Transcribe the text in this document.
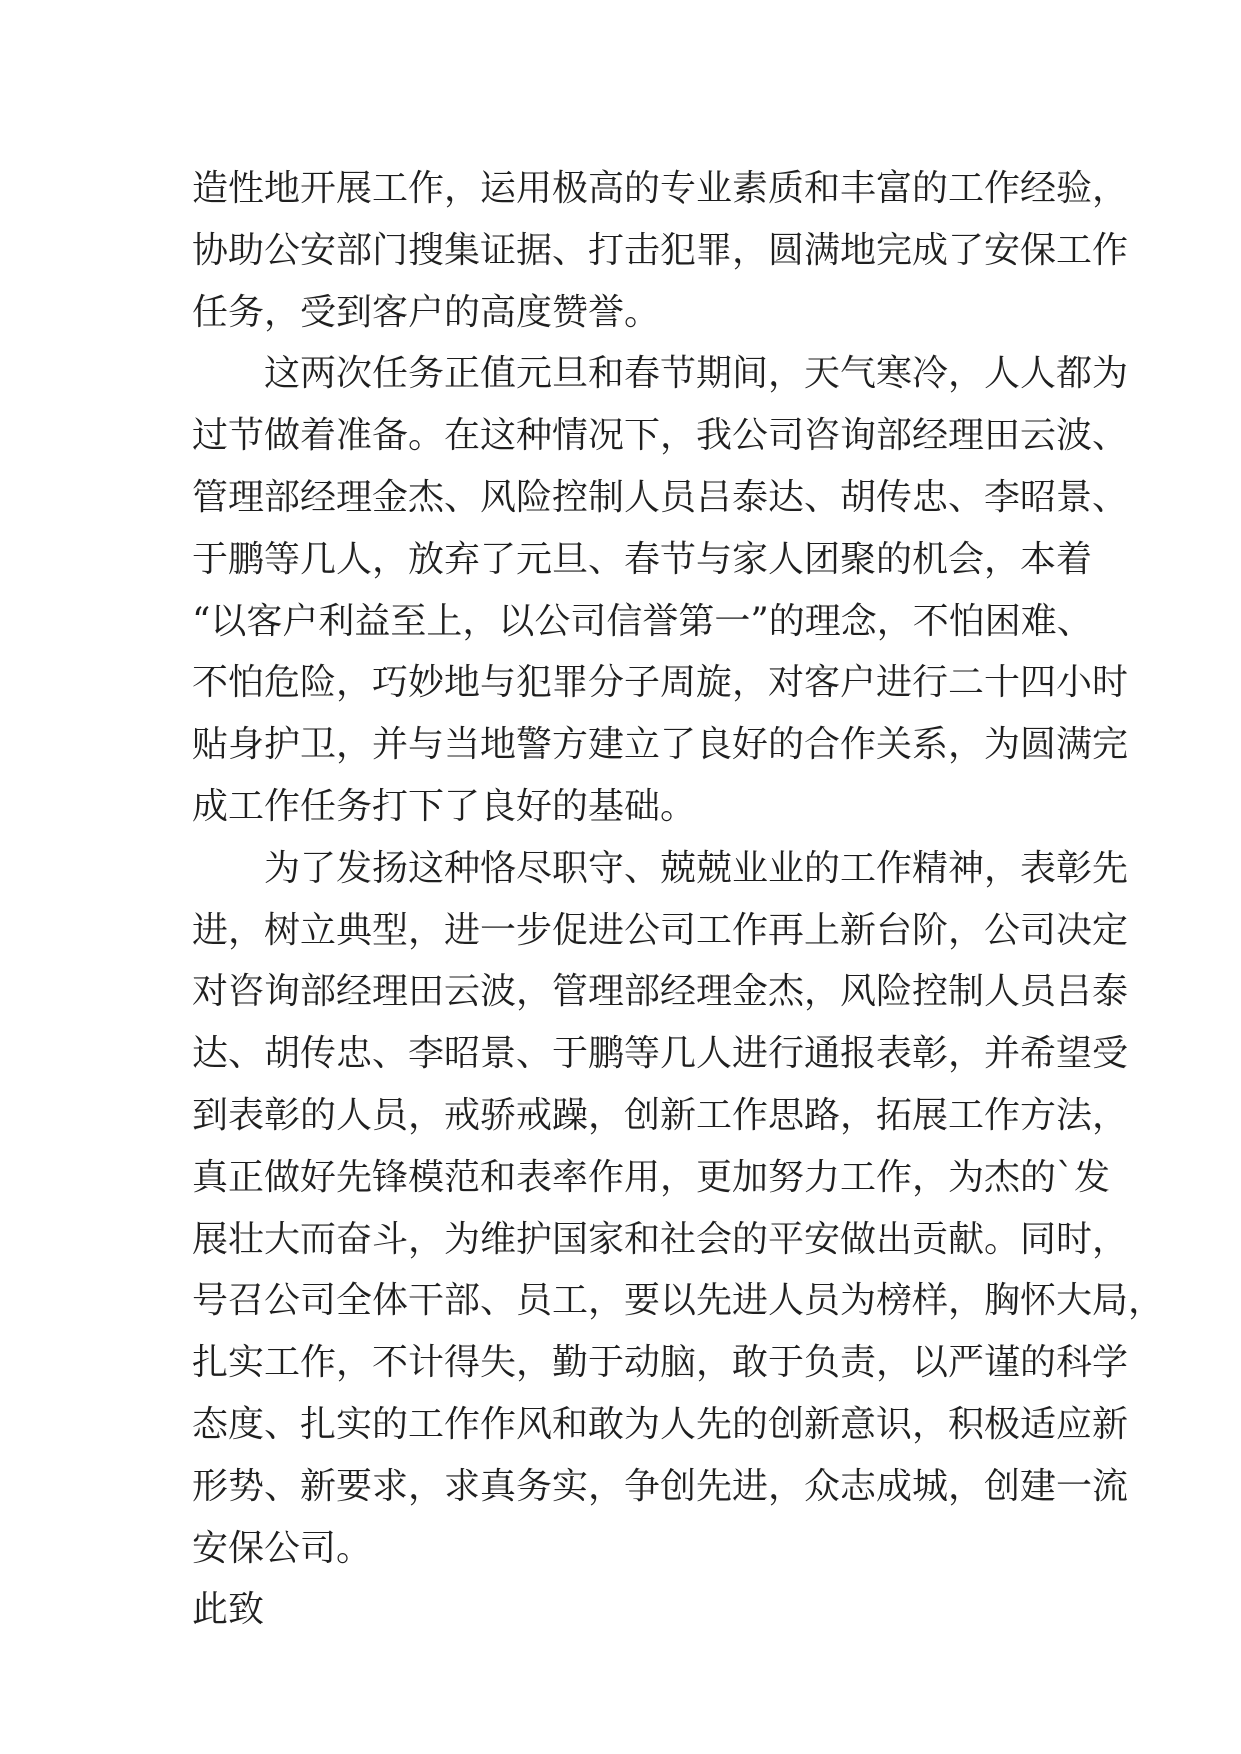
造性地开展工作，运用极高的专业素质和丰富的工作经验，
协助公安部门搜集证据、打击犯罪，圆满地完成了安保工作
任务，受到客户的高度赞誉。
这两次任务正值元旦和春节期间，天气寒冷，人人都为
过节做着准备。在这种情况下，我公司咨询部经理田云波、
管理部经理金杰、风险控制人员吕泰达、胡传忠、李昭景、
于鹏等几人，放弃了元旦、春节与家人团聚的机会，本着
“以客户利益至上，以公司信誉第一”的理念，不怕困难、
不怕危险，巧妙地与犯罪分子周旋，对客户进行二十四小时
贴身护卫，并与当地警方建立了良好的合作关系，为圆满完
成工作任务打下了良好的基础。
为了发扬这种恪尽职守、兢兢业业的工作精神，表彰先
进，树立典型，进一步促进公司工作再上新台阶，公司决定
对咨询部经理田云波，管理部经理金杰，风险控制人员吕泰
达、胡传忠、李昭景、于鹏等几人进行通报表彰，并希望受
到表彰的人员，戒骄戒躁，创新工作思路，拓展工作方法，
真正做好先锋模范和表率作用，更加努力工作，为杰的`发
展壮大而奋斗，为维护国家和社会的平安做出贡献。同时，
号召公司全体干部、员工，要以先进人员为榜样，胸怀大局，
扎实工作，不计得失，勤于动脑，敢于负责，以严谨的科学
态度、扎实的工作作风和敢为人先的创新意识，积极适应新
形势、新要求，求真务实，争创先进，众志成城，创建一流
安保公司。
此致
